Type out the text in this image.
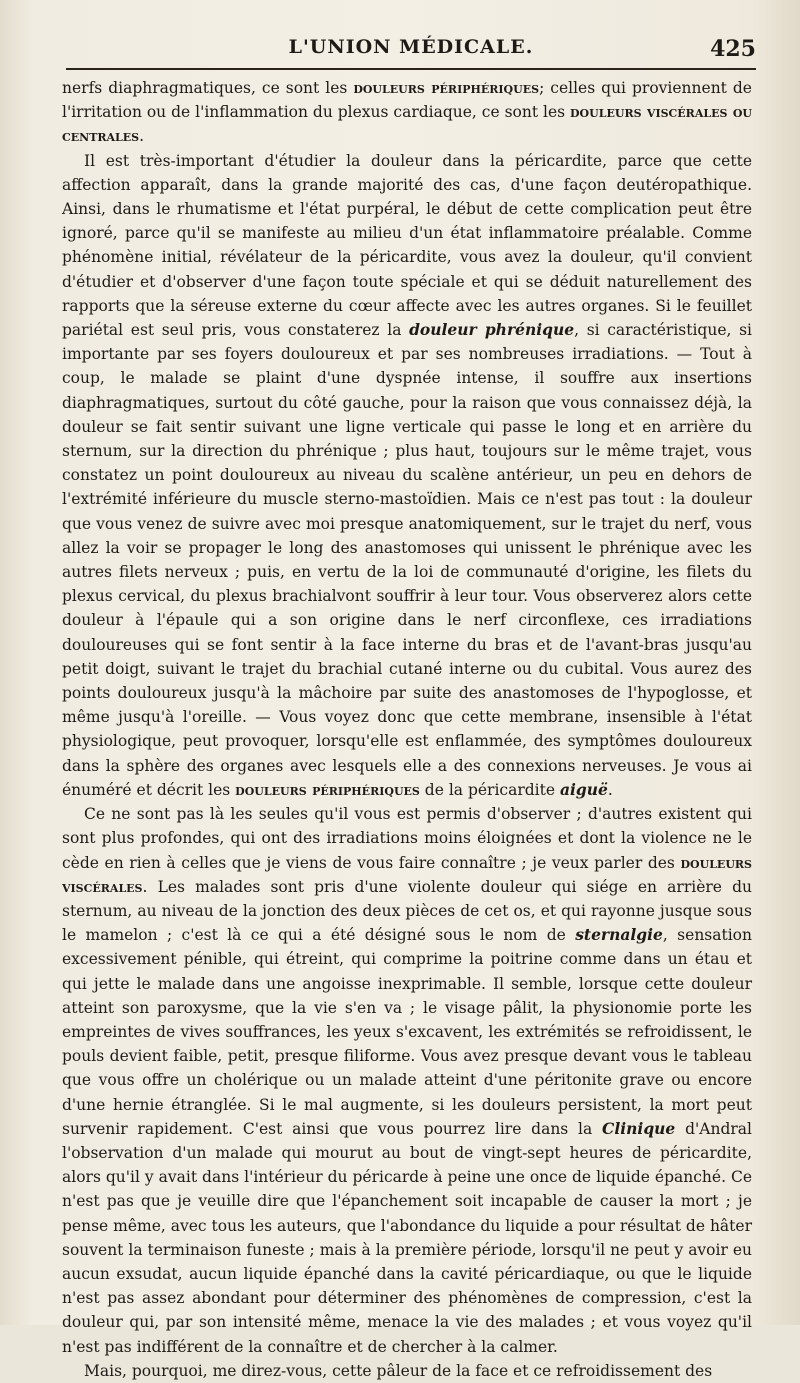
L'UNION MÉDICALE.	425

nerfs diaphragmatiques, ce sont les douleurs périphériques; celles qui proviennent de l'irritation ou de l'inflammation du plexus cardiaque, ce sont les douleurs viscérales ou centrales.

Il est très-important d'étudier la douleur dans la péricardite, parce que cette affection apparaît, dans la grande majorité des cas, d'une façon deutéropathique. Ainsi, dans le rhumatisme et l'état purpéral, le début de cette complication peut être ignoré, parce qu'il se manifeste au milieu d'un état inflammatoire préalable. Comme phénomène initial, révélateur de la péricardite, vous avez la douleur, qu'il convient d'étudier et d'observer d'une façon toute spéciale et qui se déduit naturellement des rapports que la séreuse externe du cœur affecte avec les autres organes. Si le feuillet pariétal est seul pris, vous constaterez la douleur phrénique, si caractéristique, si importante par ses foyers douloureux et par ses nombreuses irradiations. — Tout à coup, le malade se plaint d'une dyspnée intense, il souffre aux insertions diaphragmatiques, surtout du côté gauche, pour la raison que vous connaissez déjà, la douleur se fait sentir suivant une ligne verticale qui passe le long et en arrière du sternum, sur la direction du phrénique ; plus haut, toujours sur le même trajet, vous constatez un point douloureux au niveau du scalène antérieur, un peu en dehors de l'extrémité inférieure du muscle sterno-mastoïdien. Mais ce n'est pas tout : la douleur que vous venez de suivre avec moi presque anatomiquement, sur le trajet du nerf, vous allez la voir se propager le long des anastomoses qui unissent le phrénique avec les autres filets nerveux ; puis, en vertu de la loi de communauté d'origine, les filets du plexus cervical, du plexus brachialvont souffrir à leur tour. Vous observerez alors cette douleur à l'épaule qui a son origine dans le nerf circonflexe, ces irradiations douloureuses qui se font sentir à la face interne du bras et de l'avant-bras jusqu'au petit doigt, suivant le trajet du brachial cutané interne ou du cubital. Vous aurez des points douloureux jusqu'à la mâchoire par suite des anastomoses de l'hypoglosse, et même jusqu'à l'oreille. — Vous voyez donc que cette membrane, insensible à l'état physiologique, peut provoquer, lorsqu'elle est enflammée, des symptômes douloureux dans la sphère des organes avec lesquels elle a des connexions nerveuses. Je vous ai énuméré et décrit les douleurs périphériques de la péricardite aiguë.

Ce ne sont pas là les seules qu'il vous est permis d'observer ; d'autres existent qui sont plus profondes, qui ont des irradiations moins éloignées et dont la violence ne le cède en rien à celles que je viens de vous faire connaître ; je veux parler des douleurs viscérales. Les malades sont pris d'une violente douleur qui siége en arrière du sternum, au niveau de la jonction des deux pièces de cet os, et qui rayonne jusque sous le mamelon ; c'est là ce qui a été désigné sous le nom de sternalgie, sensation excessivement pénible, qui étreint, qui comprime la poitrine comme dans un étau et qui jette le malade dans une angoisse inexprimable. Il semble, lorsque cette douleur atteint son paroxysme, que la vie s'en va ; le visage pâlit, la physionomie porte les empreintes de vives souffrances, les yeux s'excavent, les extrémités se refroidissent, le pouls devient faible, petit, presque filiforme. Vous avez presque devant vous le tableau que vous offre un cholérique ou un malade atteint d'une péritonite grave ou encore d'une hernie étranglée. Si le mal augmente, si les douleurs persistent, la mort peut survenir rapidement. C'est ainsi que vous pourrez lire dans la Clinique d'Andral l'observation d'un malade qui mourut au bout de vingt-sept heures de péricardite, alors qu'il y avait dans l'intérieur du péricarde à peine une once de liquide épanché. Ce n'est pas que je veuille dire que l'épanchement soit incapable de causer la mort ; je pense même, avec tous les auteurs, que l'abondance du liquide a pour résultat de hâter souvent la terminaison funeste ; mais à la première période, lorsqu'il ne peut y avoir eu aucun exsudat, aucun liquide épanché dans la cavité péricardiaque, ou que le liquide n'est pas assez abondant pour déterminer des phénomènes de compression, c'est la douleur qui, par son intensité même, menace la vie des malades ; et vous voyez qu'il n'est pas indifférent de la connaître et de chercher à la calmer.

Mais, pourquoi, me direz-vous, cette pâleur de la face et ce refroidissement des
